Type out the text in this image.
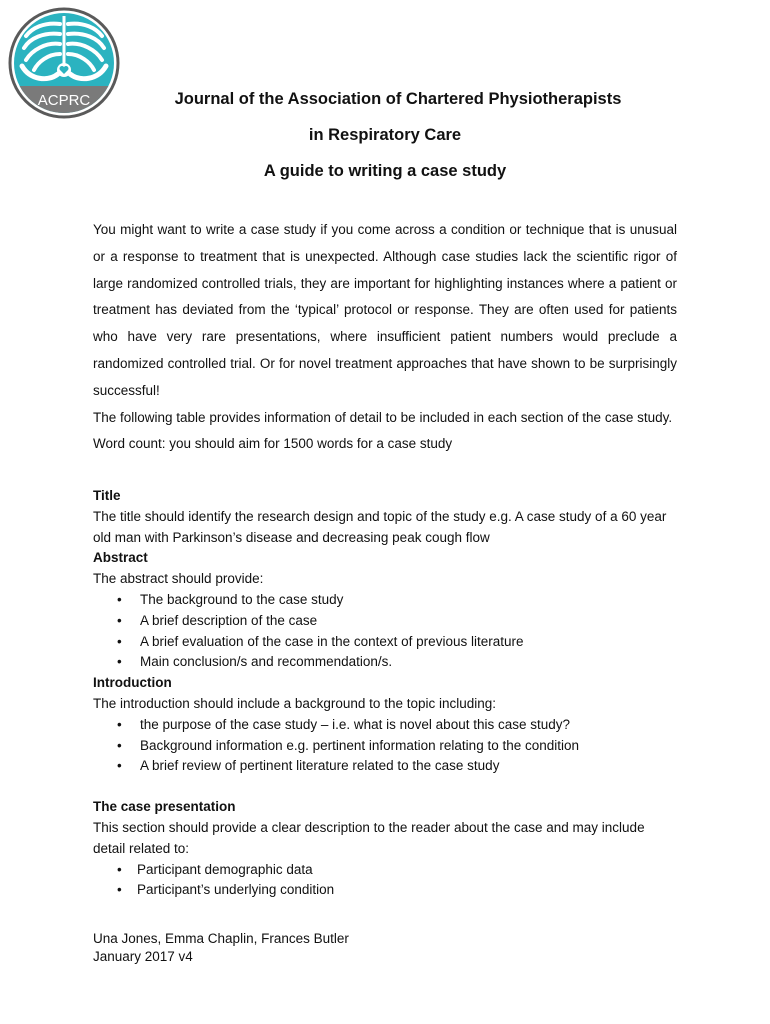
ACPRC	Journal of the Association of Chartered Physiotherapists
in Respiratory Care
A guide to writing a case study

You might want to write a case study if you come across a condition or technique that is unusual or a response to treatment that is unexpected. Although case studies lack the scientific rigor of large randomized controlled trials, they are important for highlighting instances where a patient or treatment has deviated from the ‘typical’ protocol or response. They are often used for patients who have very rare presentations, where insufficient patient numbers would preclude a randomized controlled trial. Or for novel treatment approaches that have shown to be surprisingly successful!

The following table provides information of detail to be included in each section of the case study.

Word count: you should aim for 1500 words for a case study

Title

The title should identify the research design and topic of the study e.g. A case study of a 60 year old man with Parkinson’s disease and decreasing peak cough flow

Abstract

The abstract should provide:

• The background to the case study
• A brief description of the case
• A brief evaluation of the case in the context of previous literature
• Main conclusion/s and recommendation/s.
Introduction

The introduction should include a background to the topic including:

• the purpose of the case study – i.e. what is novel about this case study?
• Background information e.g. pertinent information relating to the condition
• A brief review of pertinent literature related to the case study
The case presentation

This section should provide a clear description to the reader about the case and may include detail related to:

• Participant demographic data
• Participant’s underlying condition
Una Jones, Emma Chaplin, Frances Butler
January 2017 v4
